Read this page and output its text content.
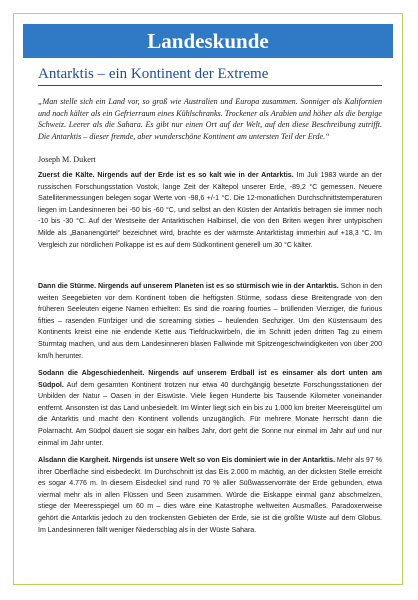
Landeskunde
Antarktis – ein Kontinent der Extreme
„Man stelle sich ein Land vor, so groß wie Australien und Europa zusammen. Sonniger als Kalifornien und noch kälter als ein Gefrierraum eines Kühlschranks. Trockener als Arabien und höher als die bergige Schweiz. Leerer als die Sahara. Es gibt nur einen Ort auf der Welt, auf den diese Beschreibung zutrifft. Die Antarktis – dieser fremde, aber wunderschöne Kontinent am untersten Teil der Erde.“
Joseph M. Dukert
Zuerst die Kälte. Nirgends auf der Erde ist es so kalt wie in der Antarktis. Im Juli 1983 wurde an der russischen Forschungsstation Vostok, lange Zeit der Kältepol unserer Erde, -89,2 °C gemessen. Neuere Satellitenmessungen belegen sogar Werte von -98,6 +/-1 °C. Die 12-monatlichen Durchschnittstemperaturen liegen im Landesinneren bei -50 bis -60 °C, und selbst an den Küsten der Antarktis betragen sie immer noch -10 bis -30 °C. Auf der Westseite der Antarktischen Halbinsel, die von den Briten wegen ihrer untypischen Milde als „Bananengürtel“ bezeichnet wird, brachte es der wärmste Antarktistag immerhin auf +18,3 °C. Im Vergleich zur nördlichen Polkappe ist es auf dem Südkontinent generell um 30 °C kälter.
Dann die Stürme. Nirgends auf unserem Planeten ist es so stürmisch wie in der Antarktis. Schon in den weiten Seegebieten vor dem Kontinent toben die heftigsten Stürme, sodass diese Breitengrade von den früheren Seeleuten eigene Namen erhielten: Es sind die roaring fourties – brüllenden Vierziger, die furious fifties – rasenden Fünfziger und die screaming sixties – heulenden Sechziger. Um den Küstensaum des Kontinents kreist eine nie endende Kette aus Tiefdruckwirbeln, die im Schnitt jeden dritten Tag zu einem Sturmtag machen, und aus dem Landesinneren blasen Fallwinde mit Spitzengeschwindigkeiten von über 200 km/h herunter.
Sodann die Abgeschiedenheit. Nirgends auf unserem Erdball ist es einsamer als dort unten am Südpol. Auf dem gesamten Kontinent trotzen nur etwa 40 durchgängig besetzte Forschungsstationen der Unbilden der Natur – Oasen in der Eiswüste. Viele liegen Hunderte bis Tausende Kilometer voneinander entfernt. Ansonsten ist das Land unbesiedelt. Im Winter liegt sich ein bis zu 1.000 km breiter Meereisgürtel um die Antarktis und macht den Kontinent vollends unzugänglich. Für mehrere Monate herrscht dann die Polarnacht. Am Südpol dauert sie sogar ein halbes Jahr, dort geht die Sonne nur einmal im Jahr auf und nur einmal im Jahr unter.
Alsdann die Kargheit. Nirgends ist unsere Welt so von Eis dominiert wie in der Antarktis. Mehr als 97 % ihrer Oberfläche sind eisbedeckt. Im Durchschnitt ist das Eis 2.000 m mächtig, an der dicksten Stelle erreicht es sogar 4.776 m. In diesem Eisdeckel sind rund 70 % aller Süßwasservorräte der Erde gebunden, etwa viermal mehr als in allen Flüssen und Seen zusammen. Würde die Eiskappe einmal ganz abschmelzen, stiege der Meeresspiegel um 60 m – dies wäre eine Katastrophe weltweiten Ausmaßes. Paradoxerweise gehört die Antarktis jedoch zu den trockensten Gebieten der Erde, sie ist die größte Wüste auf dem Globus. Im Landesinneren fällt weniger Niederschlag als in der Wüste Sahara.
